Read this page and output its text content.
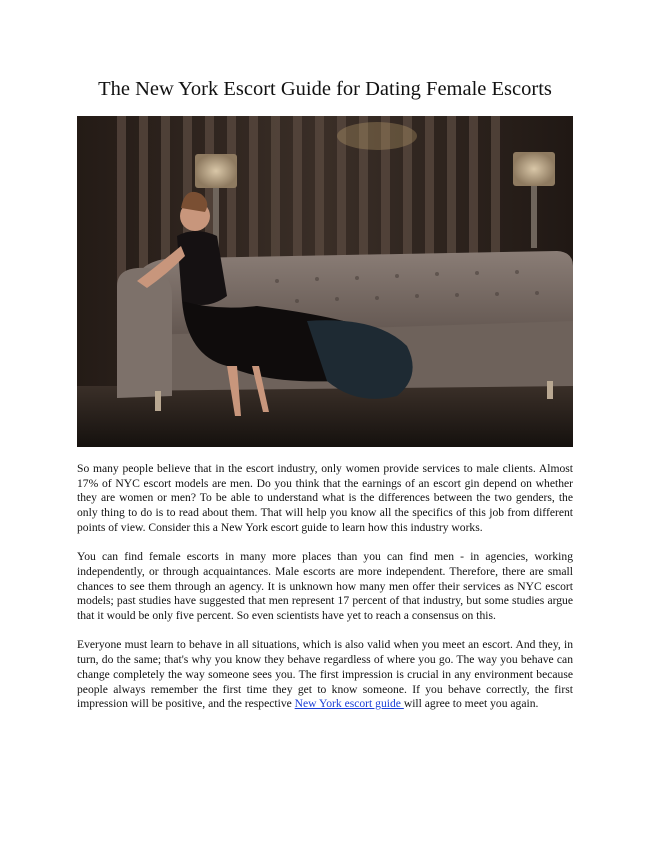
The New York Escort Guide for Dating Female Escorts

So many people believe that in the escort industry, only women provide services to male clients. Almost 17% of NYC escort models are men. Do you think that the earnings of an escort gin depend on whether they are women or men? To be able to understand what is the differences between the two genders, the only thing to do is to read about them. That will help you know all the specifics of this job from different points of view. Consider this a New York escort guide to learn how this industry works.

You can find female escorts in many more places than you can find men - in agencies, working independently, or through acquaintances. Male escorts are more independent. Therefore, there are small chances to see them through an agency. It is unknown how many men offer their services as NYC escort models; past studies have suggested that men represent 17 percent of that industry, but some studies argue that it would be only five percent. So even scientists have yet to reach a consensus on this.

Everyone must learn to behave in all situations, which is also valid when you meet an escort. And they, in turn, do the same; that's why you know they behave regardless of where you go. The way you behave can change completely the way someone sees you. The first impression is crucial in any environment because people always remember the first time they get to know someone. If you behave correctly, the first impression will be positive, and the respective New York escort guide will agree to meet you again.
